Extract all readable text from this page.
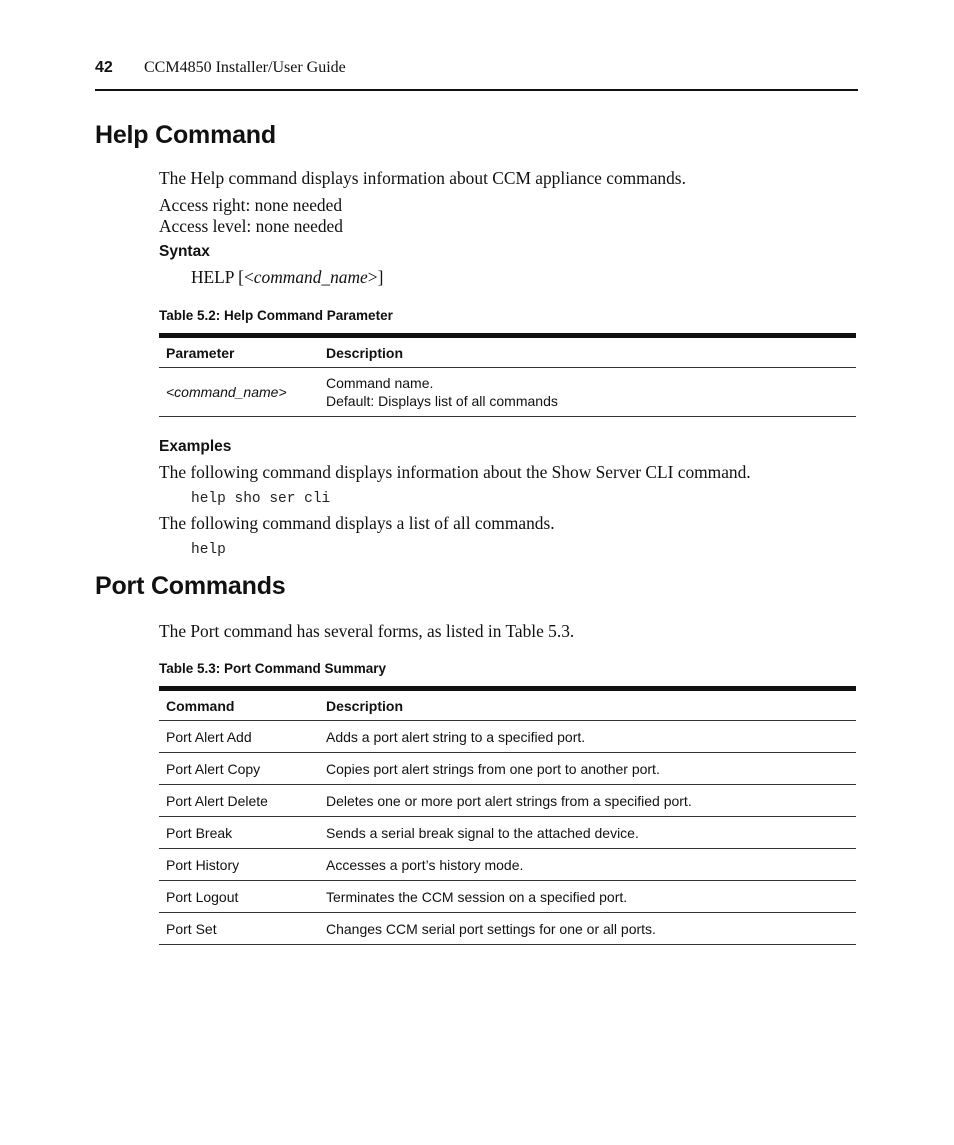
42 CCM4850 Installer/User Guide
Help Command

The Help command displays information about CCM appliance commands.

Access right: none needed

Access level: none needed

Syntax

HELP [<command_name>]

Table 5.2: Help Command Parameter

Parameter	Description
<command_name>	Command name.
Default: Displays list of all commands

Examples

The following command displays information about the Show Server CLI command.

help sho ser cli

The following command displays a list of all commands.

help

Port Commands

The Port command has several forms, as listed in Table 5.3.

Table 5.3: Port Command Summary

Command	Description
Port Alert Add	Adds a port alert string to a specified port.
Port Alert Copy	Copies port alert strings from one port to another port.
Port Alert Delete	Deletes one or more port alert strings from a specified port.
Port Break	Sends a serial break signal to the attached device.
Port History	Accesses a port’s history mode.
Port Logout	Terminates the CCM session on a specified port.
Port Set	Changes CCM serial port settings for one or all ports.
